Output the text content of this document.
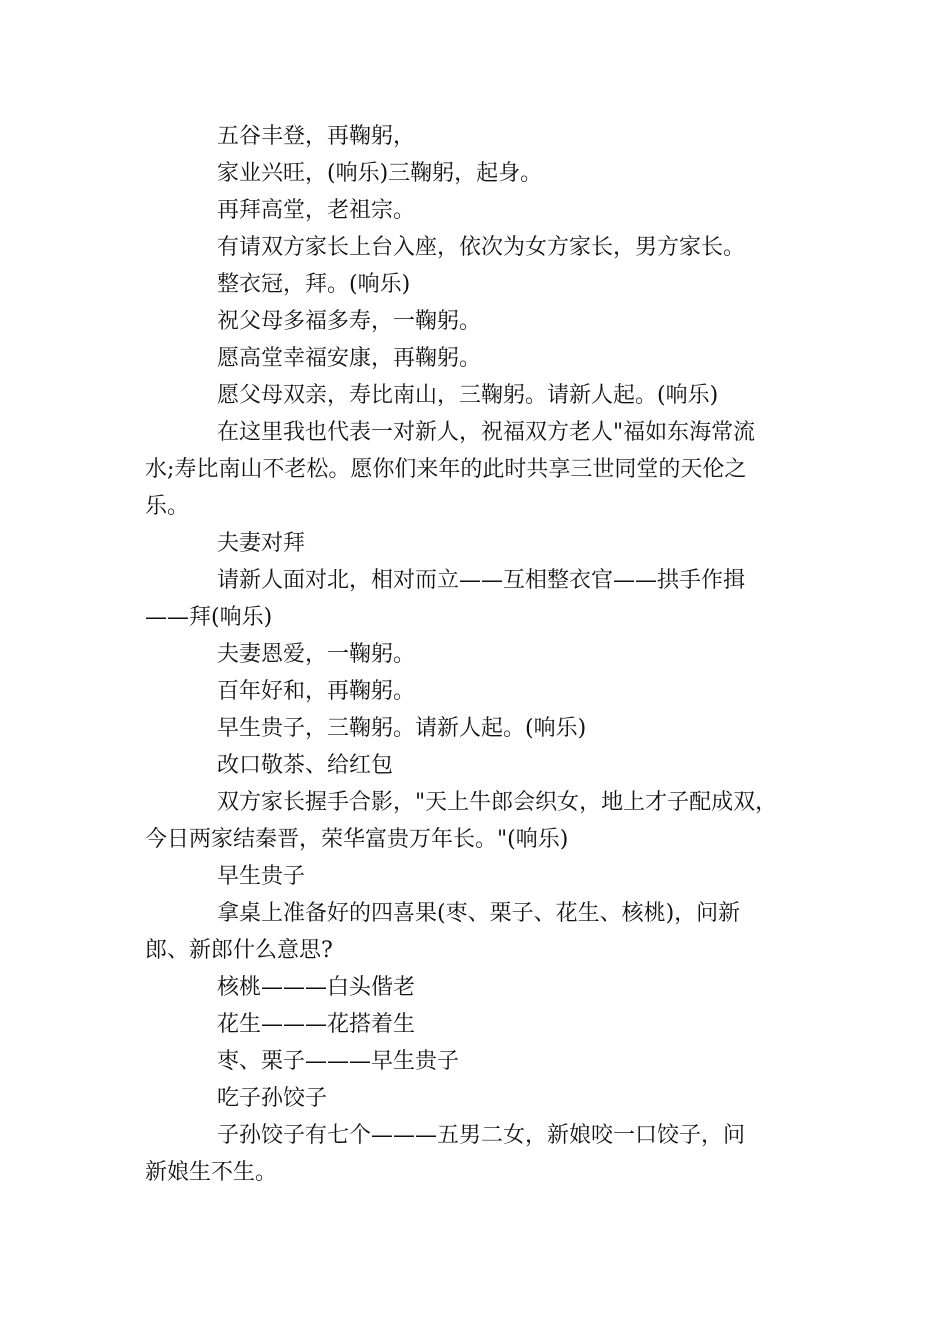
五谷丰登，再鞠躬，

家业兴旺，(响乐)三鞠躬，起身。

再拜高堂，老祖宗。

有请双方家长上台入座，依次为女方家长，男方家长。

整衣冠，拜。(响乐)

祝父母多福多寿，一鞠躬。

愿高堂幸福安康，再鞠躬。

愿父母双亲，寿比南山，三鞠躬。请新人起。(响乐)

在这里我也代表一对新人，祝福双方老人"福如东海常流
水;寿比南山不老松。愿你们来年的此时共享三世同堂的天伦之
乐。

夫妻对拜

请新人面对北，相对而立——互相整衣官——拱手作揖
——拜(响乐)

夫妻恩爱，一鞠躬。

百年好和，再鞠躬。

早生贵子，三鞠躬。请新人起。(响乐)

改口敬茶、给红包

双方家长握手合影，"天上牛郎会织女，地上才子配成双，
今日两家结秦晋，荣华富贵万年长。"(响乐)

早生贵子

拿桌上准备好的四喜果(枣、栗子、花生、核桃)，问新
郎、新郎什么意思?

核桃———白头偕老

花生———花搭着生

枣、栗子———早生贵子

吃子孙饺子

子孙饺子有七个———五男二女，新娘咬一口饺子，问
新娘生不生。
